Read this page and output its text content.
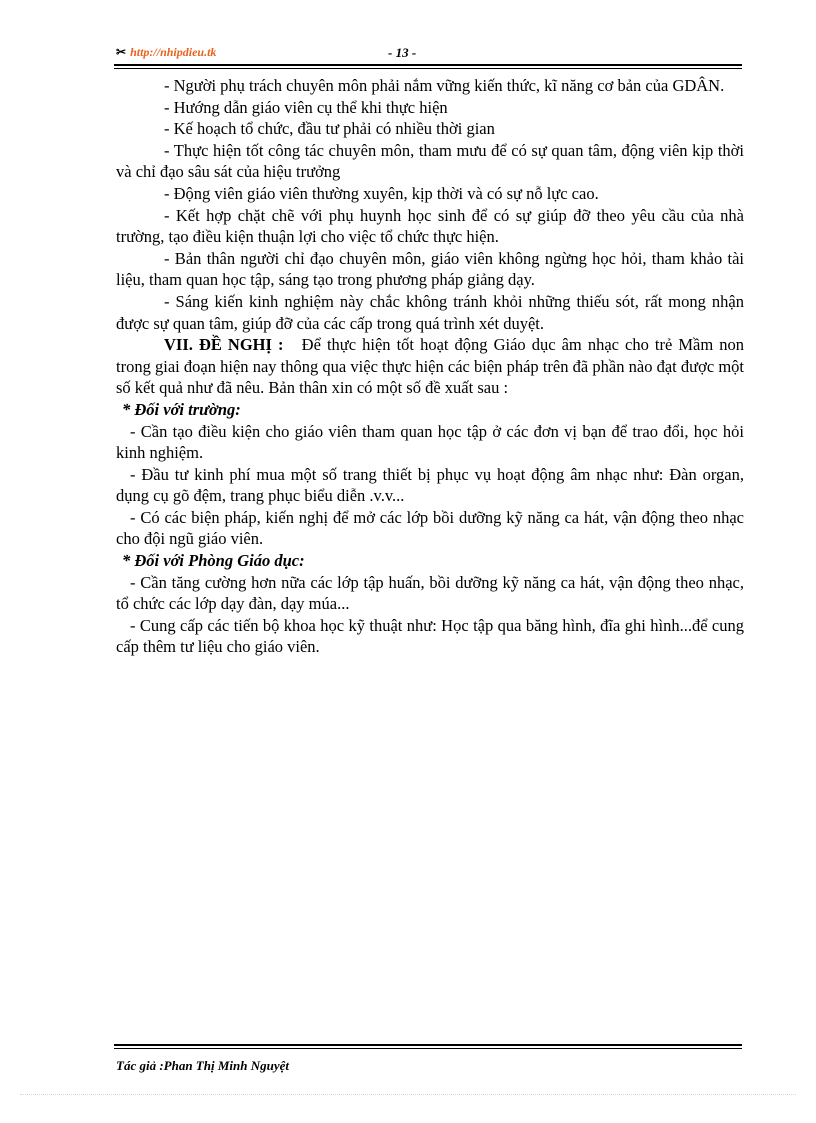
✂ http://nhipdieu.tk	- 13 -

- Người phụ trách chuyên môn phải nắm vững kiến thức, kĩ năng cơ bản của GDÂN.

- Hướng dẫn giáo viên cụ thể khi thực hiện

- Kế hoạch tổ chức, đầu tư phải có nhiều thời gian

- Thực hiện tốt công tác chuyên môn, tham mưu để có sự quan tâm, động viên kịp thời và chỉ đạo sâu sát của hiệu trưởng

- Động viên giáo viên thường xuyên, kịp thời và có sự nỗ lực cao.

- Kết hợp chặt chẽ với phụ huynh học sinh để có sự giúp đỡ theo yêu cầu của nhà trường, tạo điều kiện thuận lợi cho việc tổ chức thực hiện.

- Bản thân người chỉ đạo chuyên môn, giáo viên không ngừng học hỏi, tham khảo tài liệu, tham quan học tập, sáng tạo trong phương pháp giảng dạy.

- Sáng kiến kinh nghiệm này chắc không tránh khỏi những thiếu sót, rất mong nhận được sự quan tâm, giúp đỡ của các cấp trong quá trình xét duyệt.

VII. ĐỀ NGHỊ : Để thực hiện tốt hoạt động Giáo dục âm nhạc cho trẻ Mầm non trong giai đoạn hiện nay thông qua việc thực hiện các biện pháp trên đã phần nào đạt được một số kết quả như đã nêu. Bản thân xin có một số đề xuất sau :

* Đối với trường:

- Cần tạo điều kiện cho giáo viên tham quan học tập ở các đơn vị bạn để trao đổi, học hỏi kinh nghiệm.

- Đầu tư kinh phí mua một số trang thiết bị phục vụ hoạt động âm nhạc như: Đàn organ, dụng cụ gõ đệm, trang phục biểu diễn .v.v...

- Có các biện pháp, kiến nghị để mở các lớp bồi dưỡng kỹ năng ca hát, vận động theo nhạc cho đội ngũ giáo viên.

* Đối với Phòng Giáo dục:

- Cần tăng cường hơn nữa các lớp tập huấn, bồi dưỡng kỹ năng ca hát, vận động theo nhạc, tổ chức các lớp dạy đàn, dạy múa...

- Cung cấp các tiến bộ khoa học kỹ thuật như: Học tập qua băng hình, đĩa ghi hình...để cung cấp thêm tư liệu cho giáo viên.

Tác giả :Phan Thị Minh Nguyệt
